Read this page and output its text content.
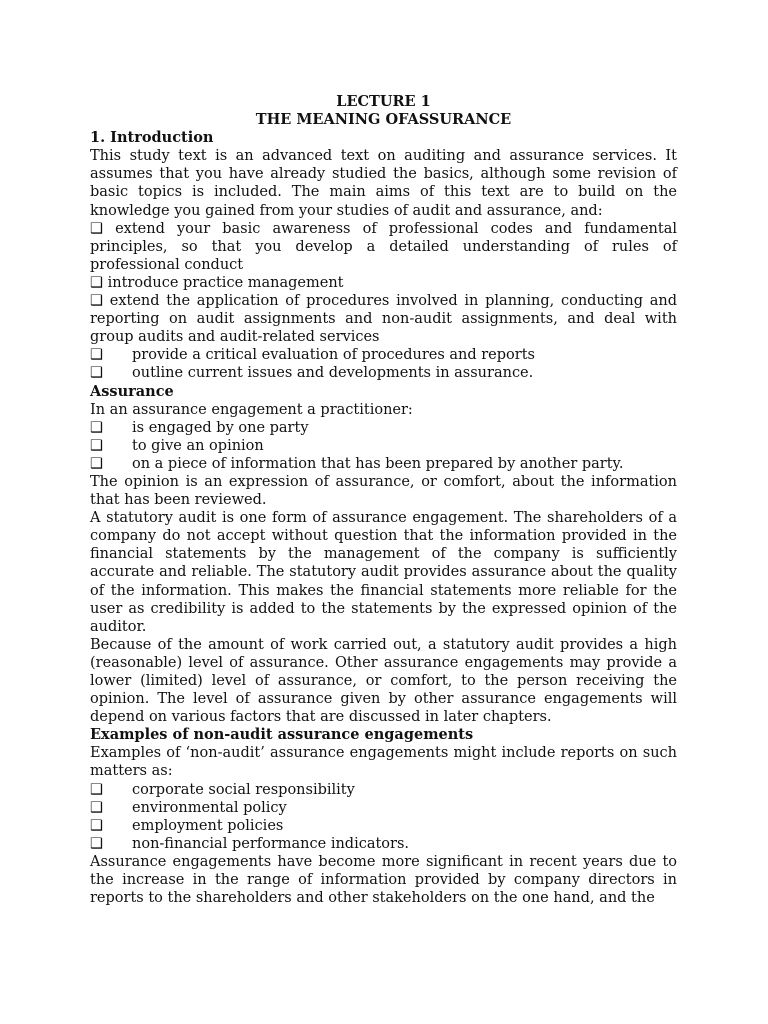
LECTURE 1
THE MEANING OFASSURANCE
1. Introduction

This study text is an advanced text on auditing and assurance services. It assumes that you have already studied the basics, although some revision of basic topics is included. The main aims of this text are to build on the knowledge you gained from your studies of audit and assurance, and:

❑ extend your basic awareness of professional codes and fundamental principles, so that you develop a detailed understanding of rules of professional conduct

❑ introduce practice management

❑ extend the application of procedures involved in planning, conducting and reporting on audit assignments and non-audit assignments, and deal with group audits and audit-related services

❑	provide a critical evaluation of procedures and reports
❑	outline current issues and developments in assurance.
Assurance

In an assurance engagement a practitioner:

❑	is engaged by one party
❑	to give an opinion
❑	on a piece of information that has been prepared by another party.

The opinion is an expression of assurance, or comfort, about the information that has been reviewed.

A statutory audit is one form of assurance engagement. The shareholders of a company do not accept without question that the information provided in the financial statements by the management of the company is sufficiently accurate and reliable. The statutory audit provides assurance about the quality of the information. This makes the financial statements more reliable for the user as credibility is added to the statements by the expressed opinion of the auditor.

Because of the amount of work carried out, a statutory audit provides a high (reasonable) level of assurance. Other assurance engagements may provide a lower (limited) level of assurance, or comfort, to the person receiving the opinion. The level of assurance given by other assurance engagements will depend on various factors that are discussed in later chapters.

Examples of non-audit assurance engagements

Examples of ‘non-audit’ assurance engagements might include reports on such matters as:

❑	corporate social responsibility
❑	environmental policy
❑	employment policies
❑	non-financial performance indicators.

Assurance engagements have become more significant in recent years due to the increase in the range of information provided by company directors in reports to the shareholders and other stakeholders on the one hand, and the
